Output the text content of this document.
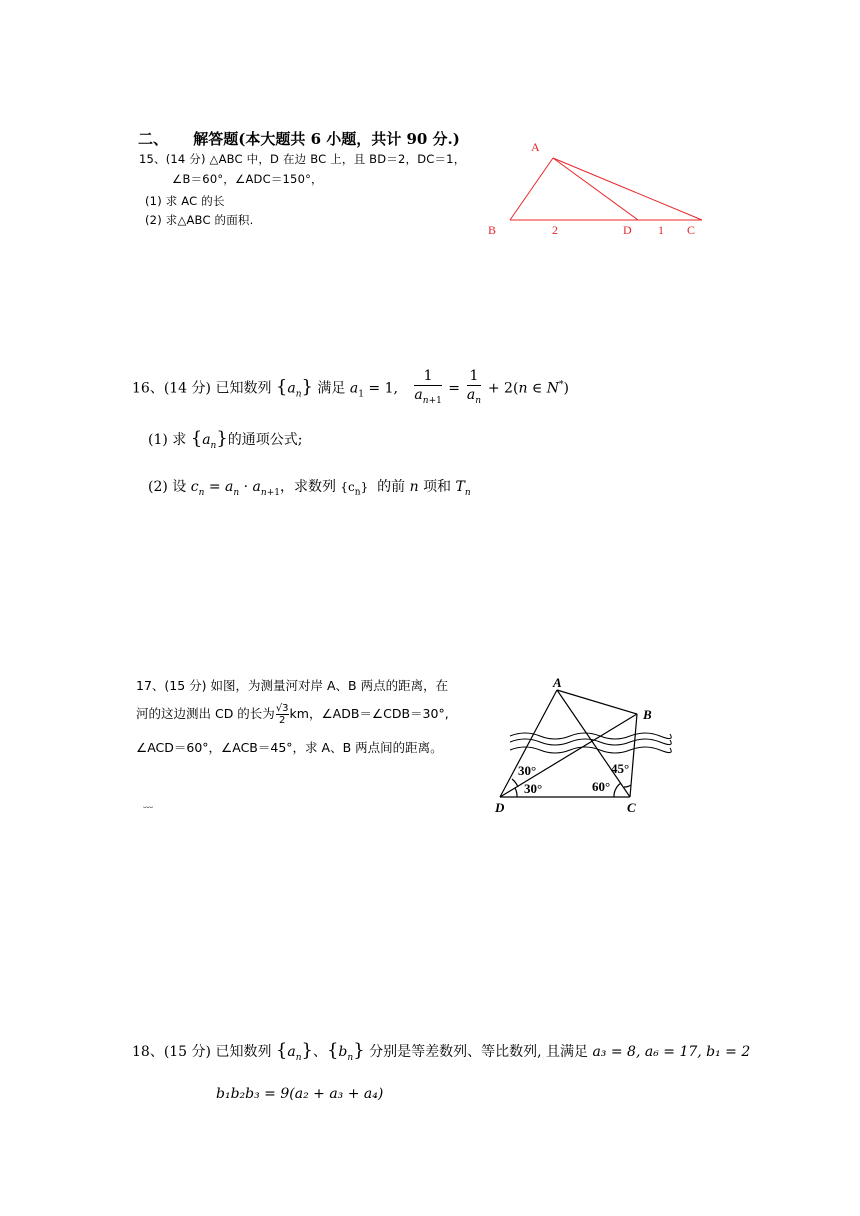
二、 解答题(本大题共 6 小题，共计 90 分.)
15、(14 分) △ABC 中，D 在边 BC 上，且 BD＝2，DC＝1，
∠B＝60°，∠ADC＝150°，
(1) 求 AC 的长
(2) 求△ABC 的面积.
A
B	2	D 1 C
16、(14 分) 已知数列 $\{a_n\}$ 满足 $a_1 = 1$, $\frac{1}{a_{n+1}} = \frac{1}{a_n} + 2(n$ ∈ N*)
(1) 求 $\{a_n\}$的通项公式;
(2) 设 $c_n = a_n \cdot a_{n+1}$，求数列 $\{c_n\}$ 的前 n 项和 $T_n$
17、(15 分) 如图，为测量河对岸 A、B 两点的距离，在
河的这边测出 CD 的长为 $\frac{√3}{2}$ km，∠ADB＝∠CDB＝30°,
∠ACD＝60°，∠ACB＝45°，求 A、B 两点间的距离。
﹏
A
B
C
D
30°
30°	60°
45°
18、(15 分) 已知数列 $\{a_n\}$、$\{b_n\}$ 分别是等差数列、等比数列, 且满足 a₃ = 8, a₆ = 17, b₁ = 2
b₁b₂b₃ = 9(a₂ + a₃ + a₄)
